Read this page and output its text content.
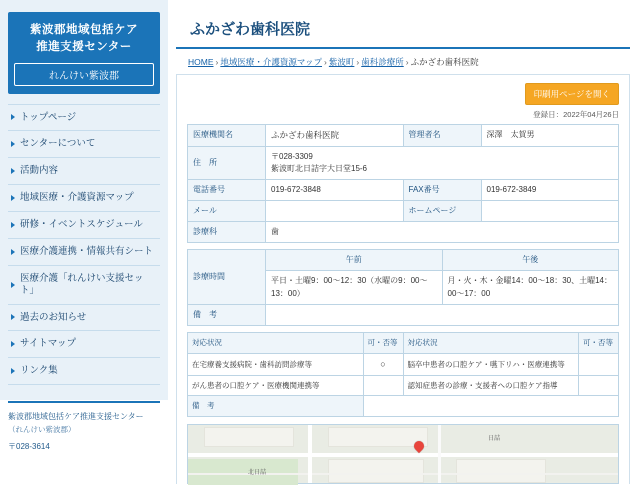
紫波郡地域包括ケア
推進支援センター
れんけい紫波郡
トップページ
センターについて
活動内容
地域医療・介護資源マップ
研修・イベントスケジュール
医療介護連携・情報共有シート
医療介護「れんけい支援セット」
過去のお知らせ
サイトマップ
リンク集
紫波郡地域包括ケア推進支援センター
（れんけい紫波郡）
〒028-3614
ふかざわ歯科医院
HOME › 地域医療・介護資源マップ › 紫波町 › 歯科診療所 › ふかざわ歯科医院
印刷用ページを開く
登録日：2022年04月26日
医療機関名	ふかざわ歯科医院	管理者名	深澤　太賀男
住　所	〒028-3309
紫波町北日詰字大日堂15-6		

電話番号	019-672-3848	FAX番号	019-672-3849
メール		ホームページ	
診療科	歯		
診療時間	午前	午後
	平日・土曜9：00～12：30（水曜の9：00～13：00）	月・火・木・金曜14：00～18：30、土曜14：00～17：00
備　考		
対応状況	可・否等	対応状況	可・否等
在宅療養支援病院・歯科訪問診療等	○	脳卒中患者の口腔ケア・嚥下リハ・医療連携等	
がん患者の口腔ケア・医療機関連携等		認知症患者の診療・支援者への口腔ケア指導	
備　考			
日詰
北日詰
